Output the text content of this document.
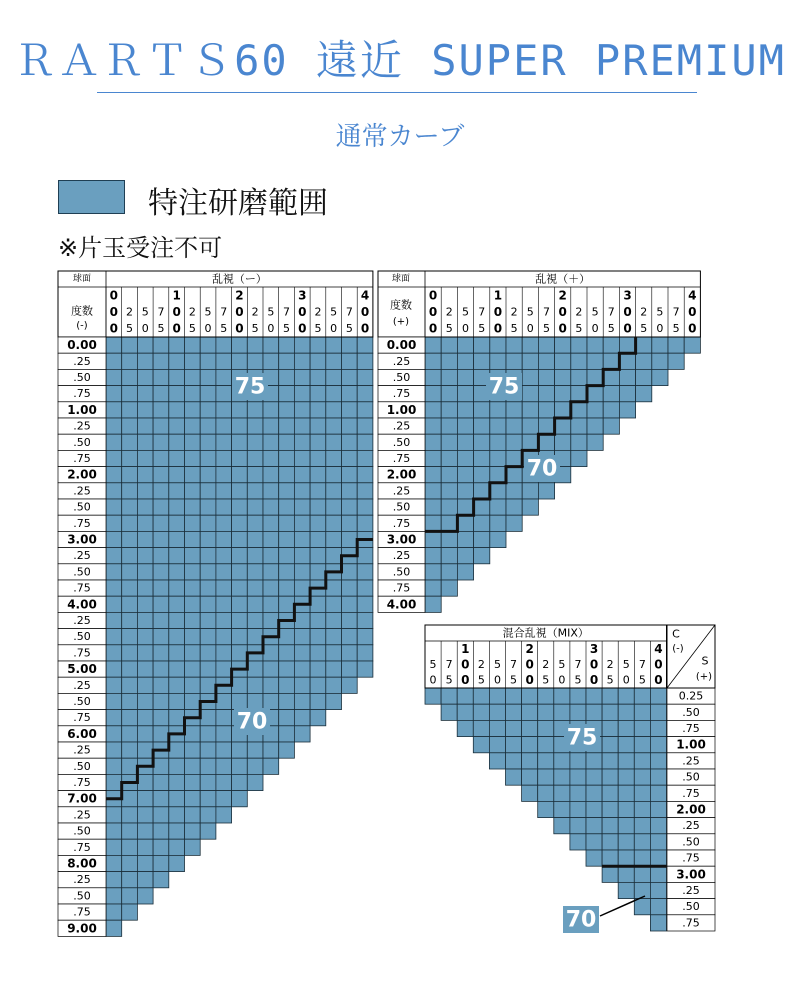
ＲＡＲＴＳ60 遠近 SUPER PREMIUM
通常カーブ
特注研磨範囲
※片玉受注不可
乱視（ー）
0
0
0
2
5
5
0
7
5
1
0
0
2
5
5
0
7
5
2
0
0
2
5
5
0
7
5
3
0
0
2
5
5
0
7
5
4
0
0
0.00
.25
.50
.75
1.00
.25
.50
.75
2.00
.25
.50
.75
3.00
.25
.50
.75
4.00
.25
.50
.75
5.00
.25
.50
.75
6.00
.25
.50
.75
7.00
.25
.50
.75
8.00
.25
.50
.75
9.00
球面
度数
(-)
75
70
乱視（＋）
0
0
0
2
5
5
0
7
5
1
0
0
2
5
5
0
7
5
2
0
0
2
5
5
0
7
5
3
0
0
2
5
5
0
7
5
4
0
0
0.00
.25
.50
.75
1.00
.25
.50
.75
2.00
.25
.50
.75
3.00
.25
.50
.75
4.00
球面
度数
(+)
75
70
混合乱視（MIX）
5
0
7
5
1
0
0
2
5
5
0
7
5
2
0
0
2
5
5
0
7
5
3
0
0
2
5
5
0
7
5
4
0
0
0.25
.50
.75
1.00
.25
.50
.75
2.00
.25
.50
.75
3.00
.25
.50
.75
C
(-)
S
(+)
70
75
